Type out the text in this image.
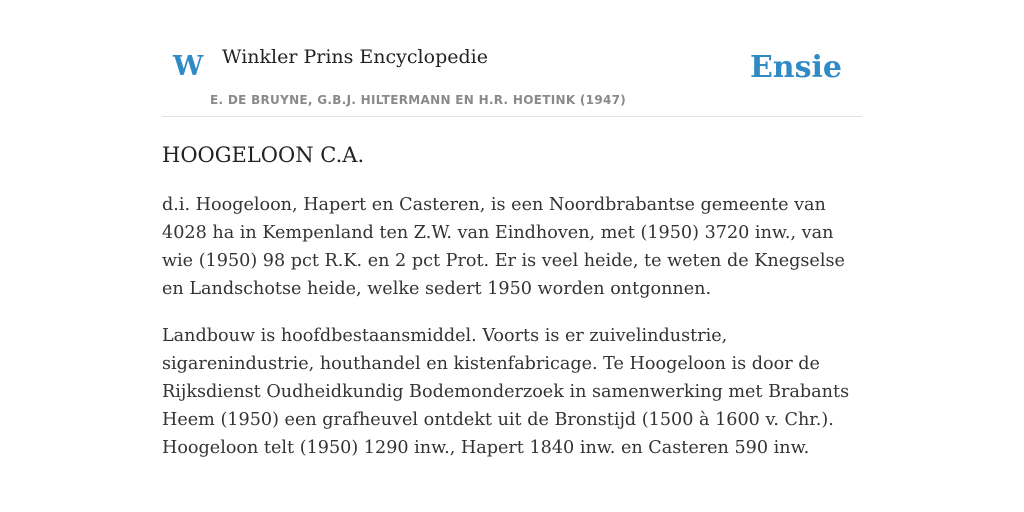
W Winkler Prins Encyclopedie
E. DE BRUYNE, G.B.J. HILTERMANN EN H.R. HOETINK (1947)
Ensie
HOOGELOON C.A.

d.i. Hoogeloon, Hapert en Casteren, is een Noordbrabantse gemeente van 4028 ha in Kempenland ten Z.W. van Eindhoven, met (1950) 3720 inw., van wie (1950) 98 pct R.K. en 2 pct Prot. Er is veel heide, te weten de Knegselse en Landschotse heide, welke sedert 1950 worden ontgonnen.

Landbouw is hoofdbestaansmiddel. Voorts is er zuivelindustrie, sigarenindustrie, houthandel en kistenfabricage. Te Hoogeloon is door de Rijksdienst Oudheidkundig Bodemonderzoek in samenwerking met Brabants Heem (1950) een grafheuvel ontdekt uit de Bronstijd (1500 à 1600 v. Chr.). Hoogeloon telt (1950) 1290 inw., Hapert 1840 inw. en Casteren 590 inw.
